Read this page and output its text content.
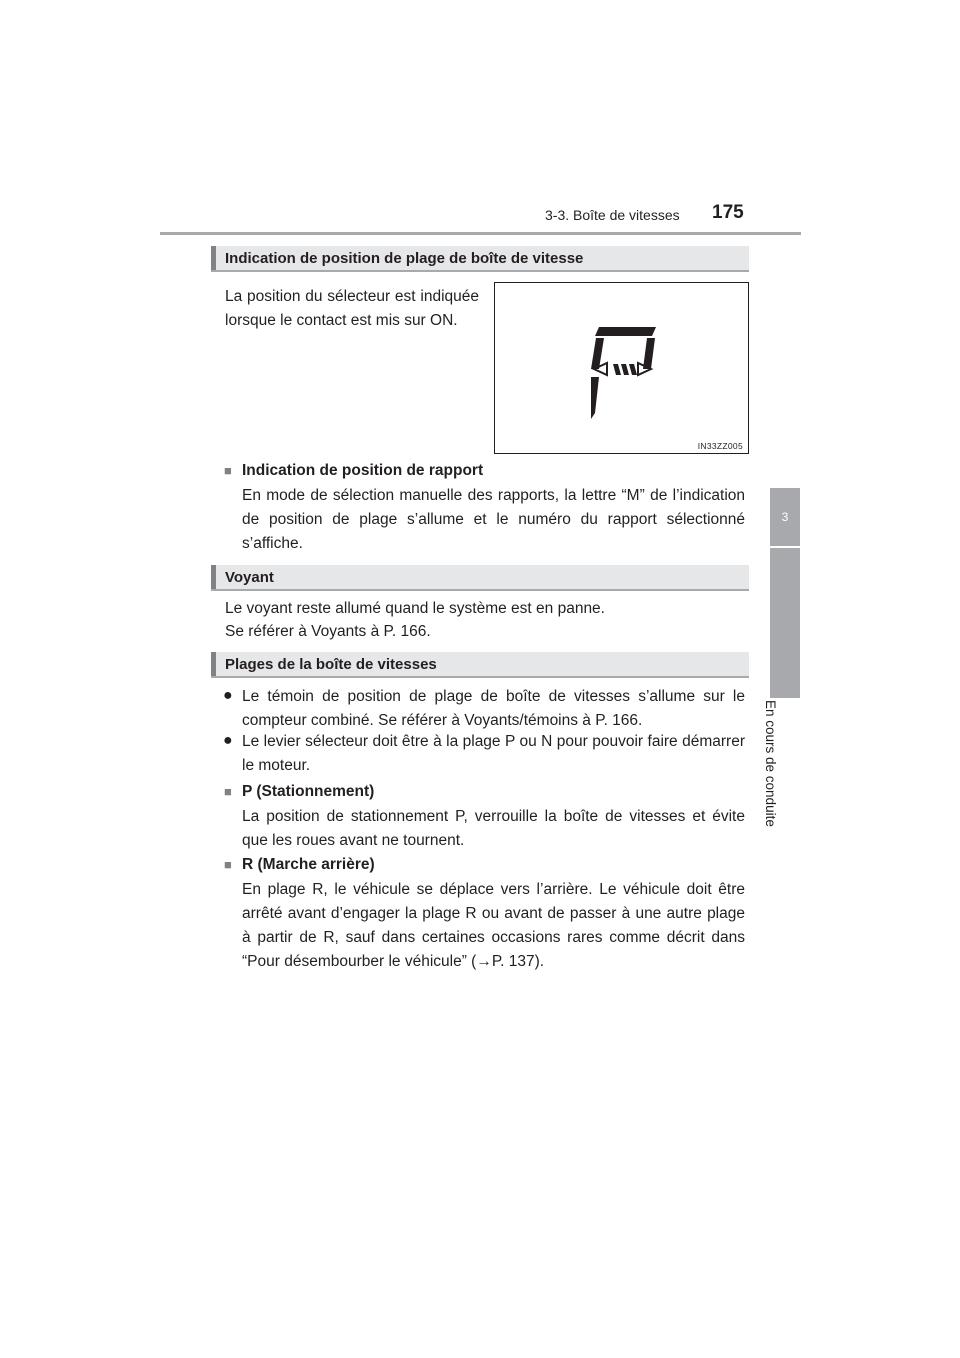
3-3. Boîte de vitesses 175
3
En cours de conduite
Indication de position de plage de boîte de vitesse

La position du sélecteur est indiquée lorsque le contact est mis sur ON.

IN33ZZ005
■ Indication de position de rapport

En mode de sélection manuelle des rapports, la lettre “M” de l’indication de position de plage s’allume et le numéro du rapport sélectionné s’affiche.

Voyant

Le voyant reste allumé quand le système est en panne.

Se référer à Voyants à P. 166.

Plages de la boîte de vitesses
● Le témoin de position de plage de boîte de vitesses s’allume sur le compteur combiné. Se référer à Voyants/témoins à P. 166.

● Le levier sélecteur doit être à la plage P ou N pour pouvoir faire démarrer le moteur.

■ P (Stationnement)

La position de stationnement P, verrouille la boîte de vitesses et évite que les roues avant ne tournent.

■ R (Marche arrière)

En plage R, le véhicule se déplace vers l’arrière. Le véhicule doit être arrêté avant d’engager la plage R ou avant de passer à une autre plage à partir de R, sauf dans certaines occasions rares comme décrit dans “Pour désembourber le véhicule” (→P. 137).
